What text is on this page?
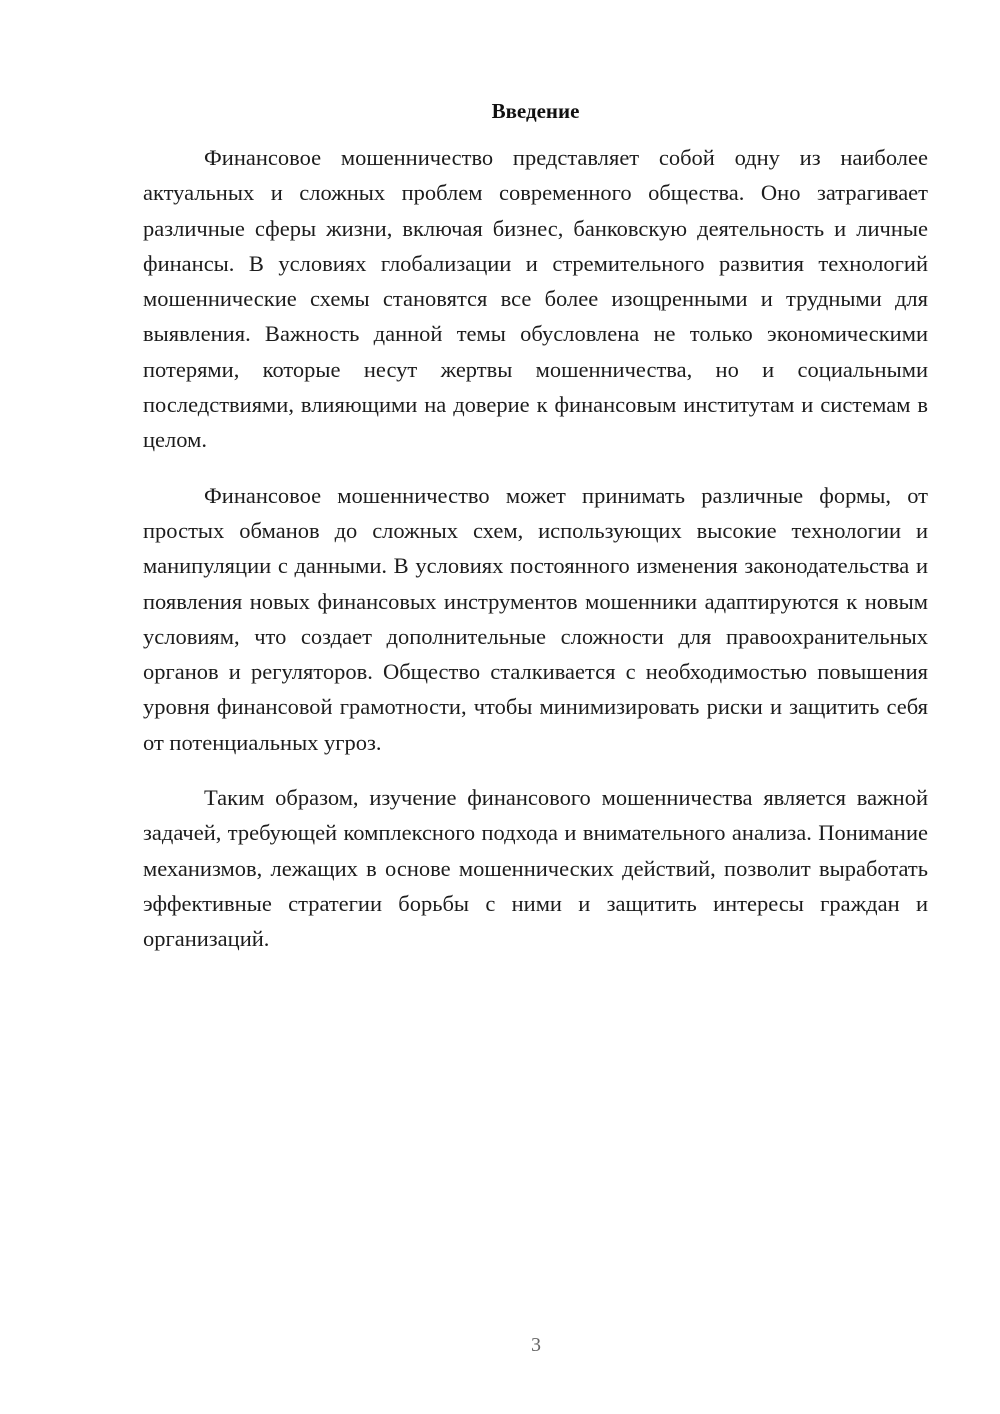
Введение

Финансовое мошенничество представляет собой одну из наиболее актуальных и сложных проблем современного общества. Оно затрагивает различные сферы жизни, включая бизнес, банковскую деятельность и личные финансы. В условиях глобализации и стремительного развития технологий мошеннические схемы становятся все более изощренными и трудными для выявления. Важность данной темы обусловлена не только экономическими потерями, которые несут жертвы мошенничества, но и социальными последствиями, влияющими на доверие к финансовым институтам и системам в целом.

Финансовое мошенничество может принимать различные формы, от простых обманов до сложных схем, использующих высокие технологии и манипуляции с данными. В условиях постоянного изменения законодательства и появления новых финансовых инструментов мошенники адаптируются к новым условиям, что создает дополнительные сложности для правоохранительных органов и регуляторов. Общество сталкивается с необходимостью повышения уровня финансовой грамотности, чтобы минимизировать риски и защитить себя от потенциальных угроз.

Таким образом, изучение финансового мошенничества является важной задачей, требующей комплексного подхода и внимательного анализа. Понимание механизмов, лежащих в основе мошеннических действий, позволит выработать эффективные стратегии борьбы с ними и защитить интересы граждан и организаций.

3
